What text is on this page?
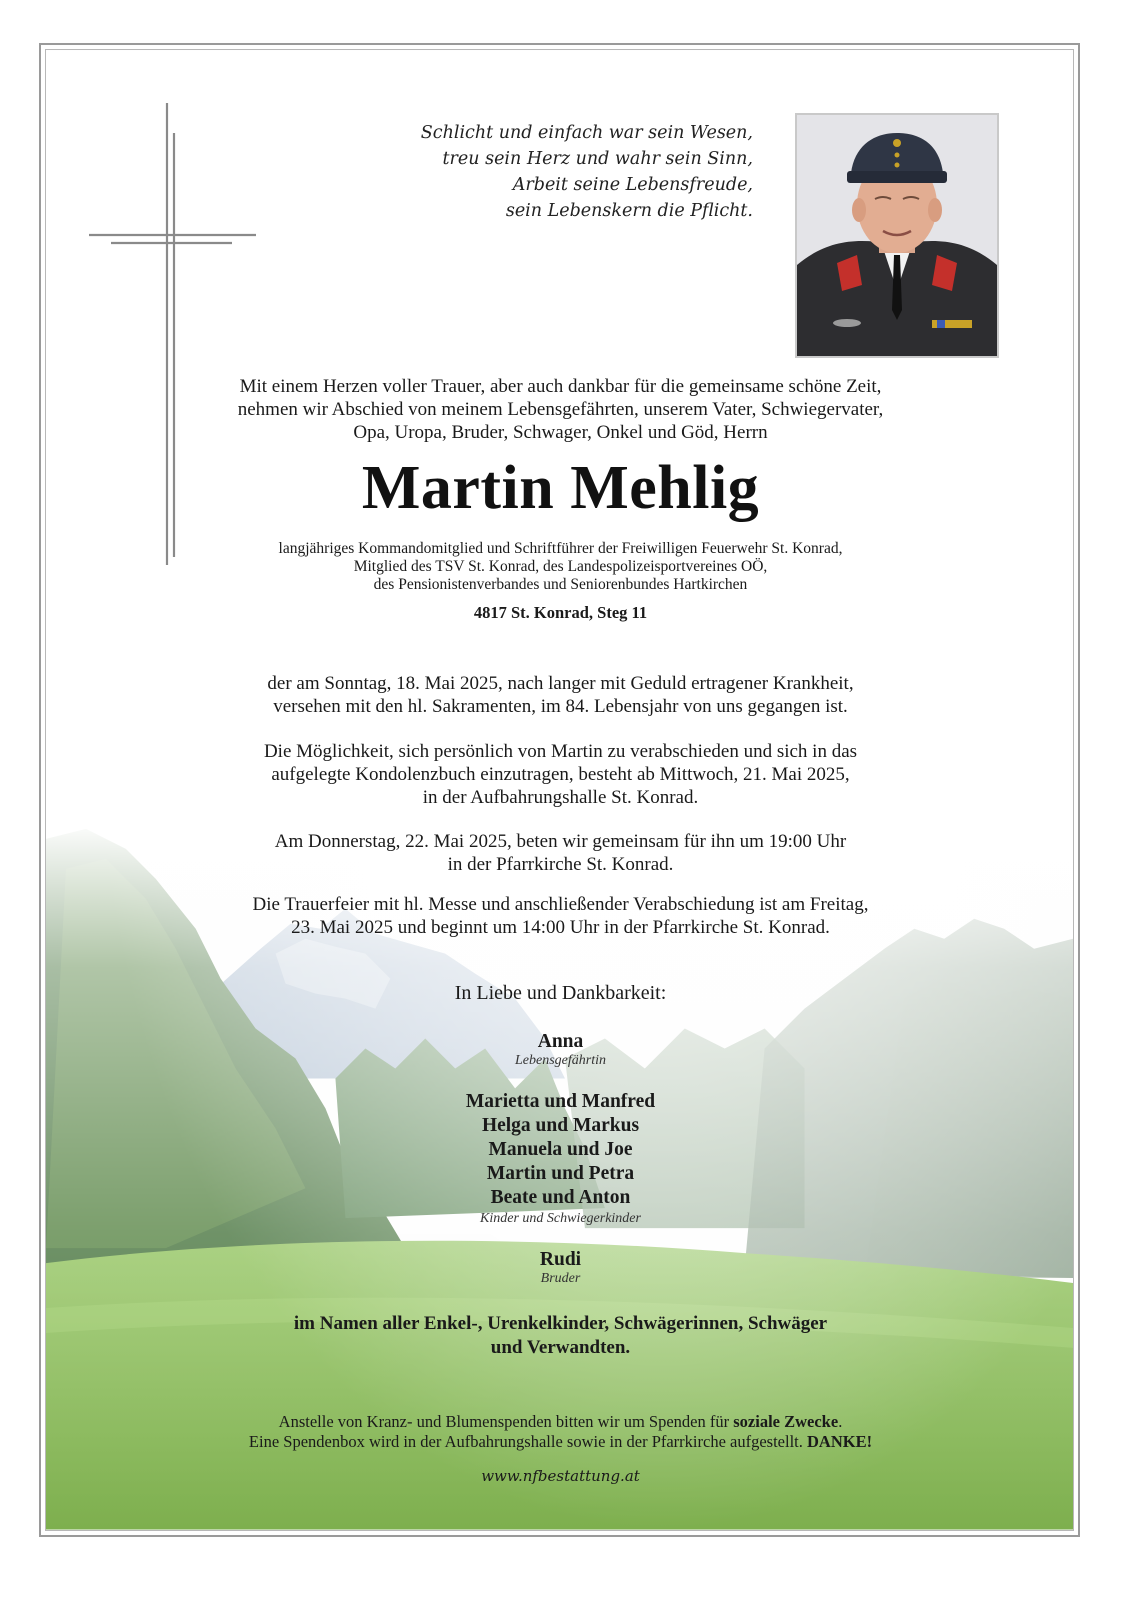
Schlicht und einfach war sein Wesen,
treu sein Herz und wahr sein Sinn,
Arbeit seine Lebensfreude,
sein Lebenskern die Pflicht.
Mit einem Herzen voller Trauer, aber auch dankbar für die gemeinsame schöne Zeit,
nehmen wir Abschied von meinem Lebensgefährten, unserem Vater, Schwiegervater,
Opa, Uropa, Bruder, Schwager, Onkel und Göd, Herrn
Martin Mehlig
langjähriges Kommandomitglied und Schriftführer der Freiwilligen Feuerwehr St. Konrad,
Mitglied des TSV St. Konrad, des Landespolizeisportvereines OÖ,
des Pensionistenverbandes und Seniorenbundes Hartkirchen
4817 St. Konrad, Steg 11
der am Sonntag, 18. Mai 2025, nach langer mit Geduld ertragener Krankheit,
versehen mit den hl. Sakramenten, im 84. Lebensjahr von uns gegangen ist.
Die Möglichkeit, sich persönlich von Martin zu verabschieden und sich in das
aufgelegte Kondolenzbuch einzutragen, besteht ab Mittwoch, 21. Mai 2025,
in der Aufbahrungshalle St. Konrad.
Am Donnerstag, 22. Mai 2025, beten wir gemeinsam für ihn um 19:00 Uhr
in der Pfarrkirche St. Konrad.
Die Trauerfeier mit hl. Messe und anschließender Verabschiedung ist am Freitag,
23. Mai 2025 und beginnt um 14:00 Uhr in der Pfarrkirche St. Konrad.
In Liebe und Dankbarkeit:
Anna
Lebensgefährtin
Marietta und Manfred
Helga und Markus
Manuela und Joe
Martin und Petra
Beate und Anton
Kinder und Schwiegerkinder
Rudi
Bruder
im Namen aller Enkel-, Urenkelkinder, Schwägerinnen, Schwäger
und Verwandten.
Anstelle von Kranz- und Blumenspenden bitten wir um Spenden für soziale Zwecke.
Eine Spendenbox wird in der Aufbahrungshalle sowie in der Pfarrkirche aufgestellt. DANKE!
www.nfbestattung.at
